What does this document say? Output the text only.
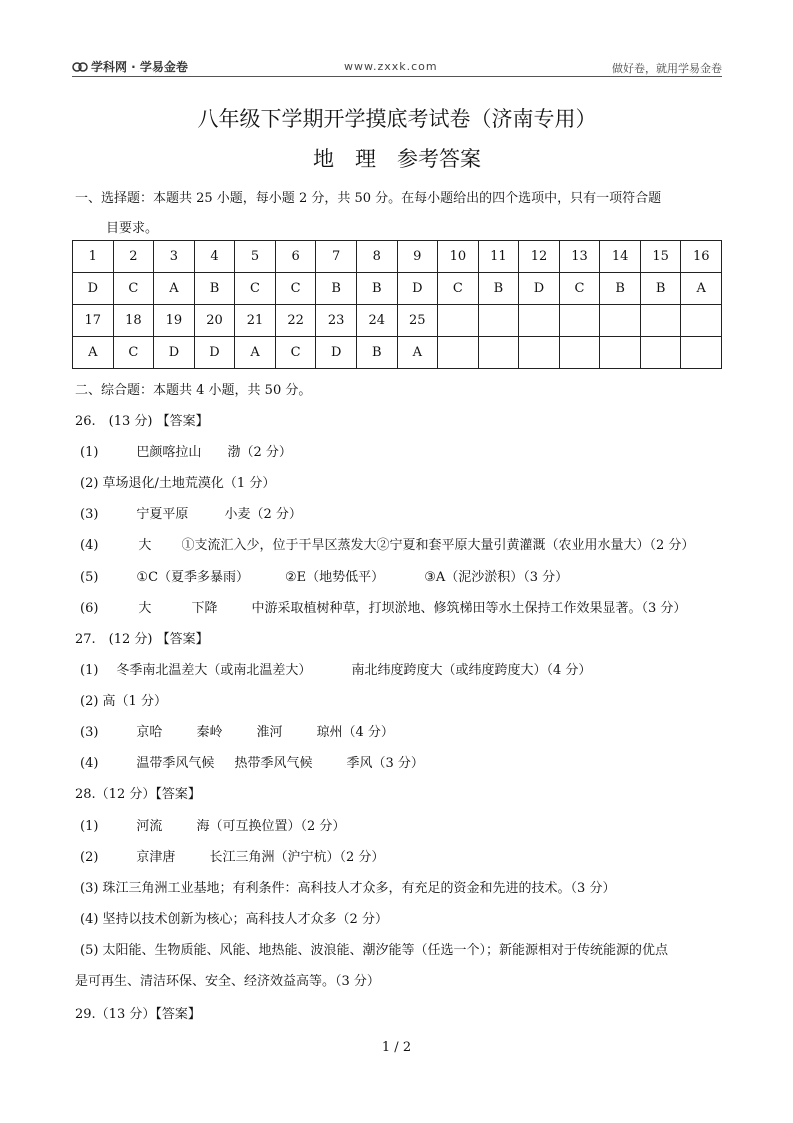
学科网 · 学易金卷	www.zxxk.com	做好卷，就用学易金卷
八年级下学期开学摸底考试卷（济南专用）
地　理　参考答案
一、选择题：本题共 25 小题，每小题 2 分，共 50 分。在每小题给出的四个选项中，只有一项符合题
目要求。
1	2	3	4	5	6	7	8	9	10	11	12	13	14	15	16
D	C	A	B	C	C	B	B	D	C	B	D	C	B	B	A
17	18	19	20	21	22	23	24	25							
A	C	D	D	A	C	D	B	A							
二、综合题：本题共 4 小题，共 50 分。
26.　(13 分) 【答案】
(1)	巴颜喀拉山 渤（2 分）
(2) 草场退化/土地荒漠化（1 分）
(3)	宁夏平原	小麦（2 分）
(4)	大 ①支流汇入少，位于干旱区蒸发大②宁夏和套平原大量引黄灌溉（农业用水量大）（2 分）
(5)	①C（夏季多暴雨）	②E（地势低平）	③A（泥沙淤积）（3 分）
(6)	大	下降	中游采取植树种草，打坝淤地、修筑梯田等水土保持工作效果显著。（3 分）
27.　(12 分) 【答案】
(1) 冬季南北温差大（或南北温差大）	南北纬度跨度大（或纬度跨度大）（4 分）
(2) 高（1 分）
(3)	京哈	秦岭	淮河	琼州（4 分）
(4)	温带季风气候 热带季风气候	季风（3 分）
28.（12 分）【答案】
(1)	河流	海（可互换位置）（2 分）
(2)	京津唐	长江三角洲（沪宁杭）（2 分）
(3) 珠江三角洲工业基地；有利条件：高科技人才众多，有充足的资金和先进的技术。（3 分）
(4) 坚持以技术创新为核心；高科技人才众多（2 分）
(5) 太阳能、生物质能、风能、地热能、波浪能、潮汐能等（任选一个）；新能源相对于传统能源的优点
是可再生、清洁环保、安全、经济效益高等。（3 分）
29.（13 分）【答案】
1 / 2
